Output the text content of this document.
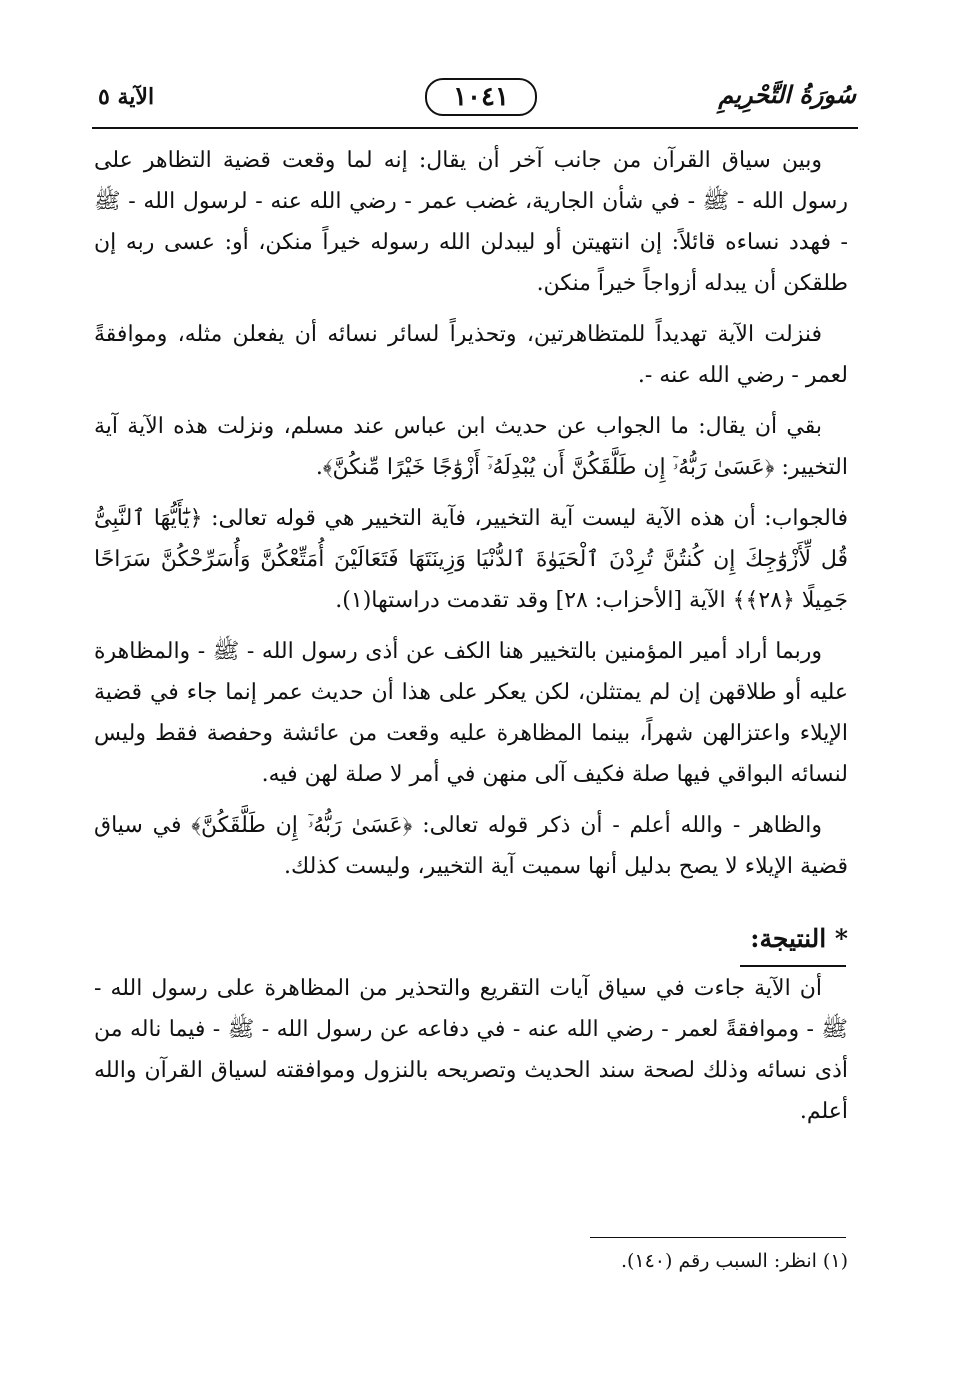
الآية ٥	١٠٤١	سُورَةُ التَّحْرِيمِ

وبين سياق القرآن من جانب آخر أن يقال: إنه لما وقعت قضية التظاهر على رسول الله - ﷺ - في شأن الجارية، غضب عمر - رضي الله عنه - لرسول الله - ﷺ - فهدد نساءه قائلاً: إن انتهيتن أو ليبدلن الله رسوله خيراً منكن، أو: عسى ربه إن طلقكن أن يبدله أزواجاً خيراً منكن.

فنزلت الآية تهديداً للمتظاهرتين، وتحذيراً لسائر نسائه أن يفعلن مثله، وموافقةً لعمر - رضي الله عنه -.

بقي أن يقال: ما الجواب عن حديث ابن عباس عند مسلم، ونزلت هذه الآية آية التخيير: ﴿عَسَىٰ رَبُّهُۥٓ إِن طَلَّقَكُنَّ أَن يُبْدِلَهُۥٓ أَزْوَٰجًا خَيْرًا مِّنكُنَّ﴾.

فالجواب: أن هذه الآية ليست آية التخيير، فآية التخيير هي قوله تعالى: ﴿يَٰٓأَيُّهَا ٱلنَّبِىُّ قُل لِّأَزْوَٰجِكَ إِن كُنتُنَّ تُرِدْنَ ٱلْحَيَوٰةَ ٱلدُّنْيَا وَزِينَتَهَا فَتَعَالَيْنَ أُمَتِّعْكُنَّ وَأُسَرِّحْكُنَّ سَرَاحًا جَمِيلًا ﴿٢٨﴾﴾ الآية [الأحزاب: ٢٨] وقد تقدمت دراستها(١).

وربما أراد أمير المؤمنين بالتخيير هنا الكف عن أذى رسول الله - ﷺ - والمظاهرة عليه أو طلاقهن إن لم يمتثلن، لكن يعكر على هذا أن حديث عمر إنما جاء في قضية الإيلاء واعتزالهن شهراً، بينما المظاهرة عليه وقعت من عائشة وحفصة فقط وليس لنسائه البواقي فيها صلة فكيف آلى منهن في أمر لا صلة لهن فيه.

والظاهر - والله أعلم - أن ذكر قوله تعالى: ﴿عَسَىٰ رَبُّهُۥٓ إِن طَلَّقَكُنَّ﴾ في سياق قضية الإيلاء لا يصح بدليل أنها سميت آية التخيير، وليست كذلك.

* النتيجة:

أن الآية جاءت في سياق آيات التقريع والتحذير من المظاهرة على رسول الله - ﷺ - وموافقةً لعمر - رضي الله عنه - في دفاعه عن رسول الله - ﷺ - فيما ناله من أذى نسائه وذلك لصحة سند الحديث وتصريحه بالنزول وموافقته لسياق القرآن والله أعلم.

(١) انظر: السبب رقم (١٤٠).
